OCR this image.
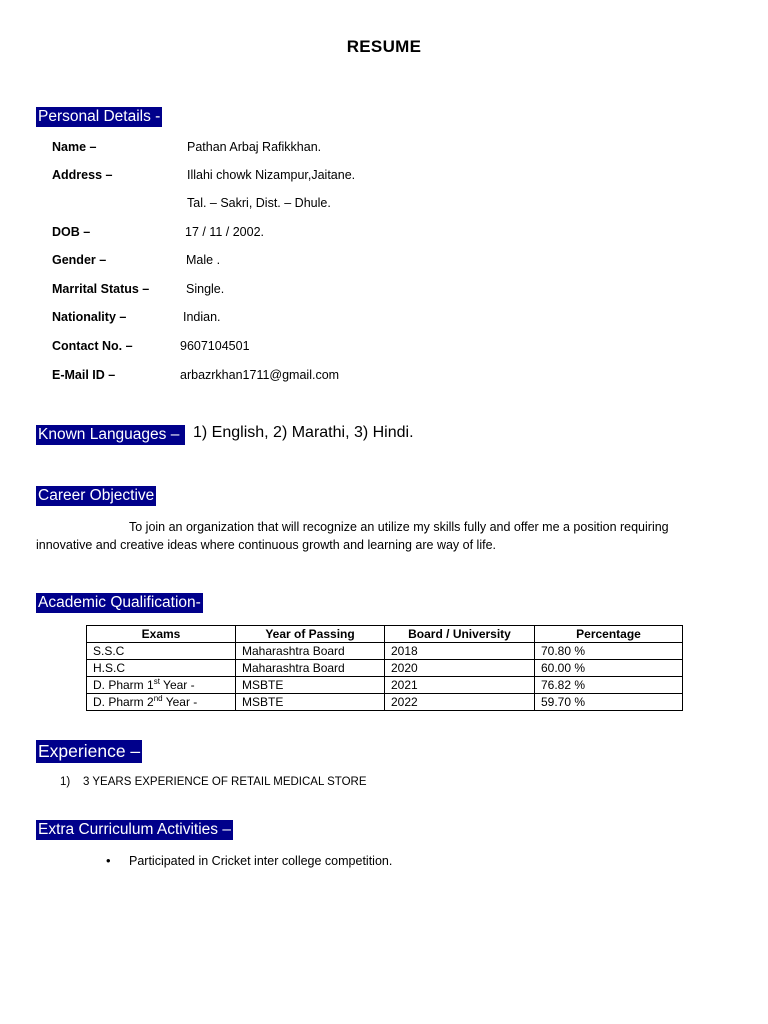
RESUME
Personal Details -
Name –	Pathan Arbaj Rafikkhan.
Address –	Illahi chowk Nizampur,Jaitane.
Tal. – Sakri, Dist. – Dhule.
DOB –	17 / 11 / 2002.
Gender –	Male .
Marrital Status –	Single.
Nationality –	Indian.
Contact No. –	9607104501
E-Mail ID –	arbazrkhan1711@gmail.com
Known Languages – 1) English, 2) Marathi, 3) Hindi.
Career Objective
To join an organization that will recognize an utilize my skills fully and offer me a position requiring innovative and creative ideas where continuous growth and learning are way of life.
Academic Qualification-
Exams	Year of Passing	Board / University	Percentage
S.S.C	Maharashtra Board	2018	70.80 %
H.S.C	Maharashtra Board	2020	60.00 %
D. Pharm 1st Year -	MSBTE	2021	76.82 %
D. Pharm 2nd Year -	MSBTE	2022	59.70 %
Experience –
1) 3 YEARS EXPERIENCE OF RETAIL MEDICAL STORE
Extra Curriculum Activities –
• Participated in Cricket inter college competition.
